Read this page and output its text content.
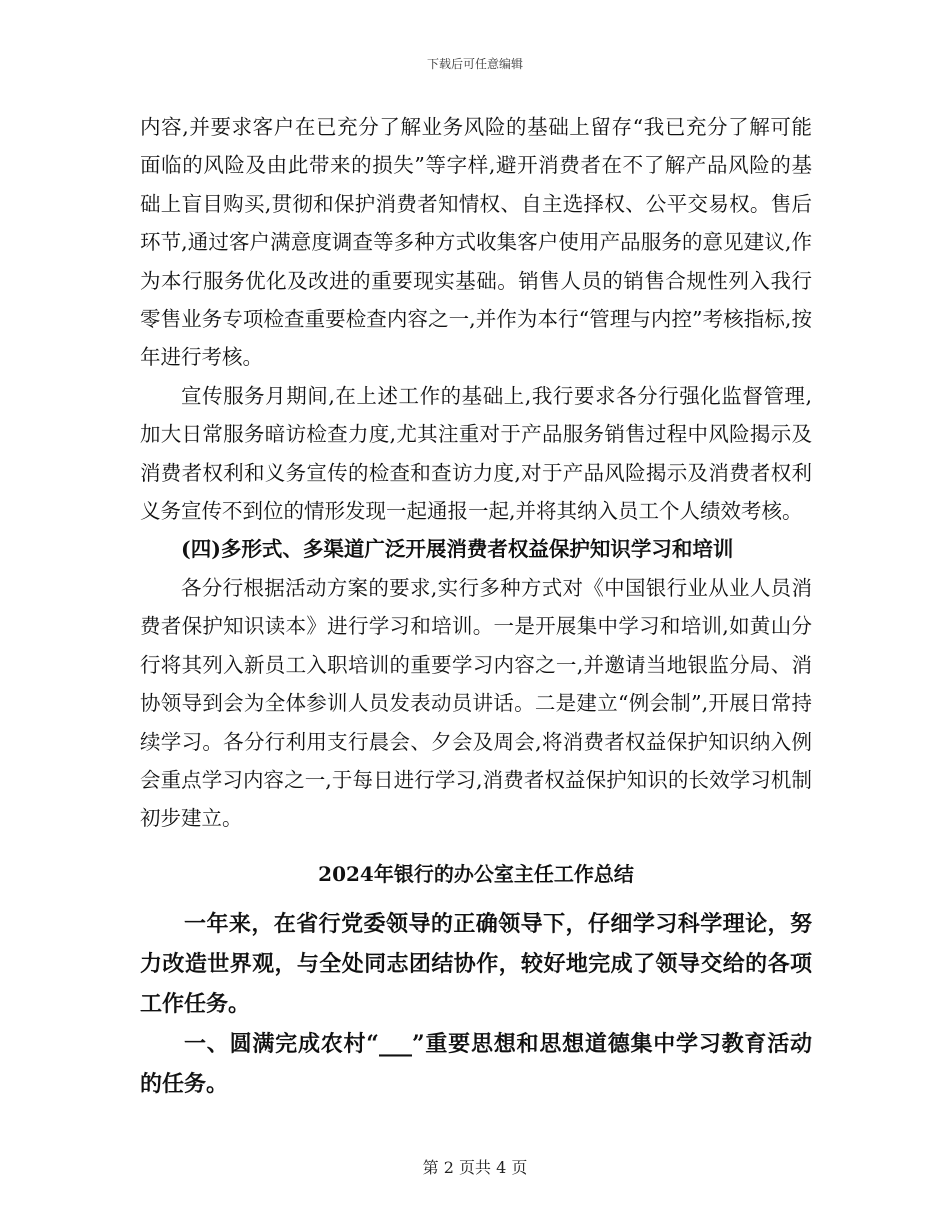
下载后可任意编辑

内容,并要求客户在已充分了解业务风险的基础上留存“我已充分了解可能面临的风险及由此带来的损失”等字样,避开消费者在不了解产品风险的基础上盲目购买,贯彻和保护消费者知情权、自主选择权、公平交易权。售后环节,通过客户满意度调查等多种方式收集客户使用产品服务的意见建议,作为本行服务优化及改进的重要现实基础。销售人员的销售合规性列入我行零售业务专项检查重要检查内容之一,并作为本行“管理与内控”考核指标,按年进行考核。

宣传服务月期间,在上述工作的基础上,我行要求各分行强化监督管理,加大日常服务暗访检查力度,尤其注重对于产品服务销售过程中风险揭示及消费者权利和义务宣传的检查和查访力度,对于产品风险揭示及消费者权利义务宣传不到位的情形发现一起通报一起,并将其纳入员工个人绩效考核。

(四)多形式、多渠道广泛开展消费者权益保护知识学习和培训

各分行根据活动方案的要求,实行多种方式对《中国银行业从业人员消费者保护知识读本》进行学习和培训。一是开展集中学习和培训,如黄山分行将其列入新员工入职培训的重要学习内容之一,并邀请当地银监分局、消协领导到会为全体参训人员发表动员讲话。二是建立“例会制”,开展日常持续学习。各分行利用支行晨会、夕会及周会,将消费者权益保护知识纳入例会重点学习内容之一,于每日进行学习,消费者权益保护知识的长效学习机制初步建立。

2024年银行的办公室主任工作总结

一年来，在省行党委领导的正确领导下，仔细学习科学理论，努力改造世界观，与全处同志团结协作，较好地完成了领导交给的各项工作任务。

一、圆满完成农村“___”重要思想和思想道德集中学习教育活动的任务。

第 2 页共 4 页
